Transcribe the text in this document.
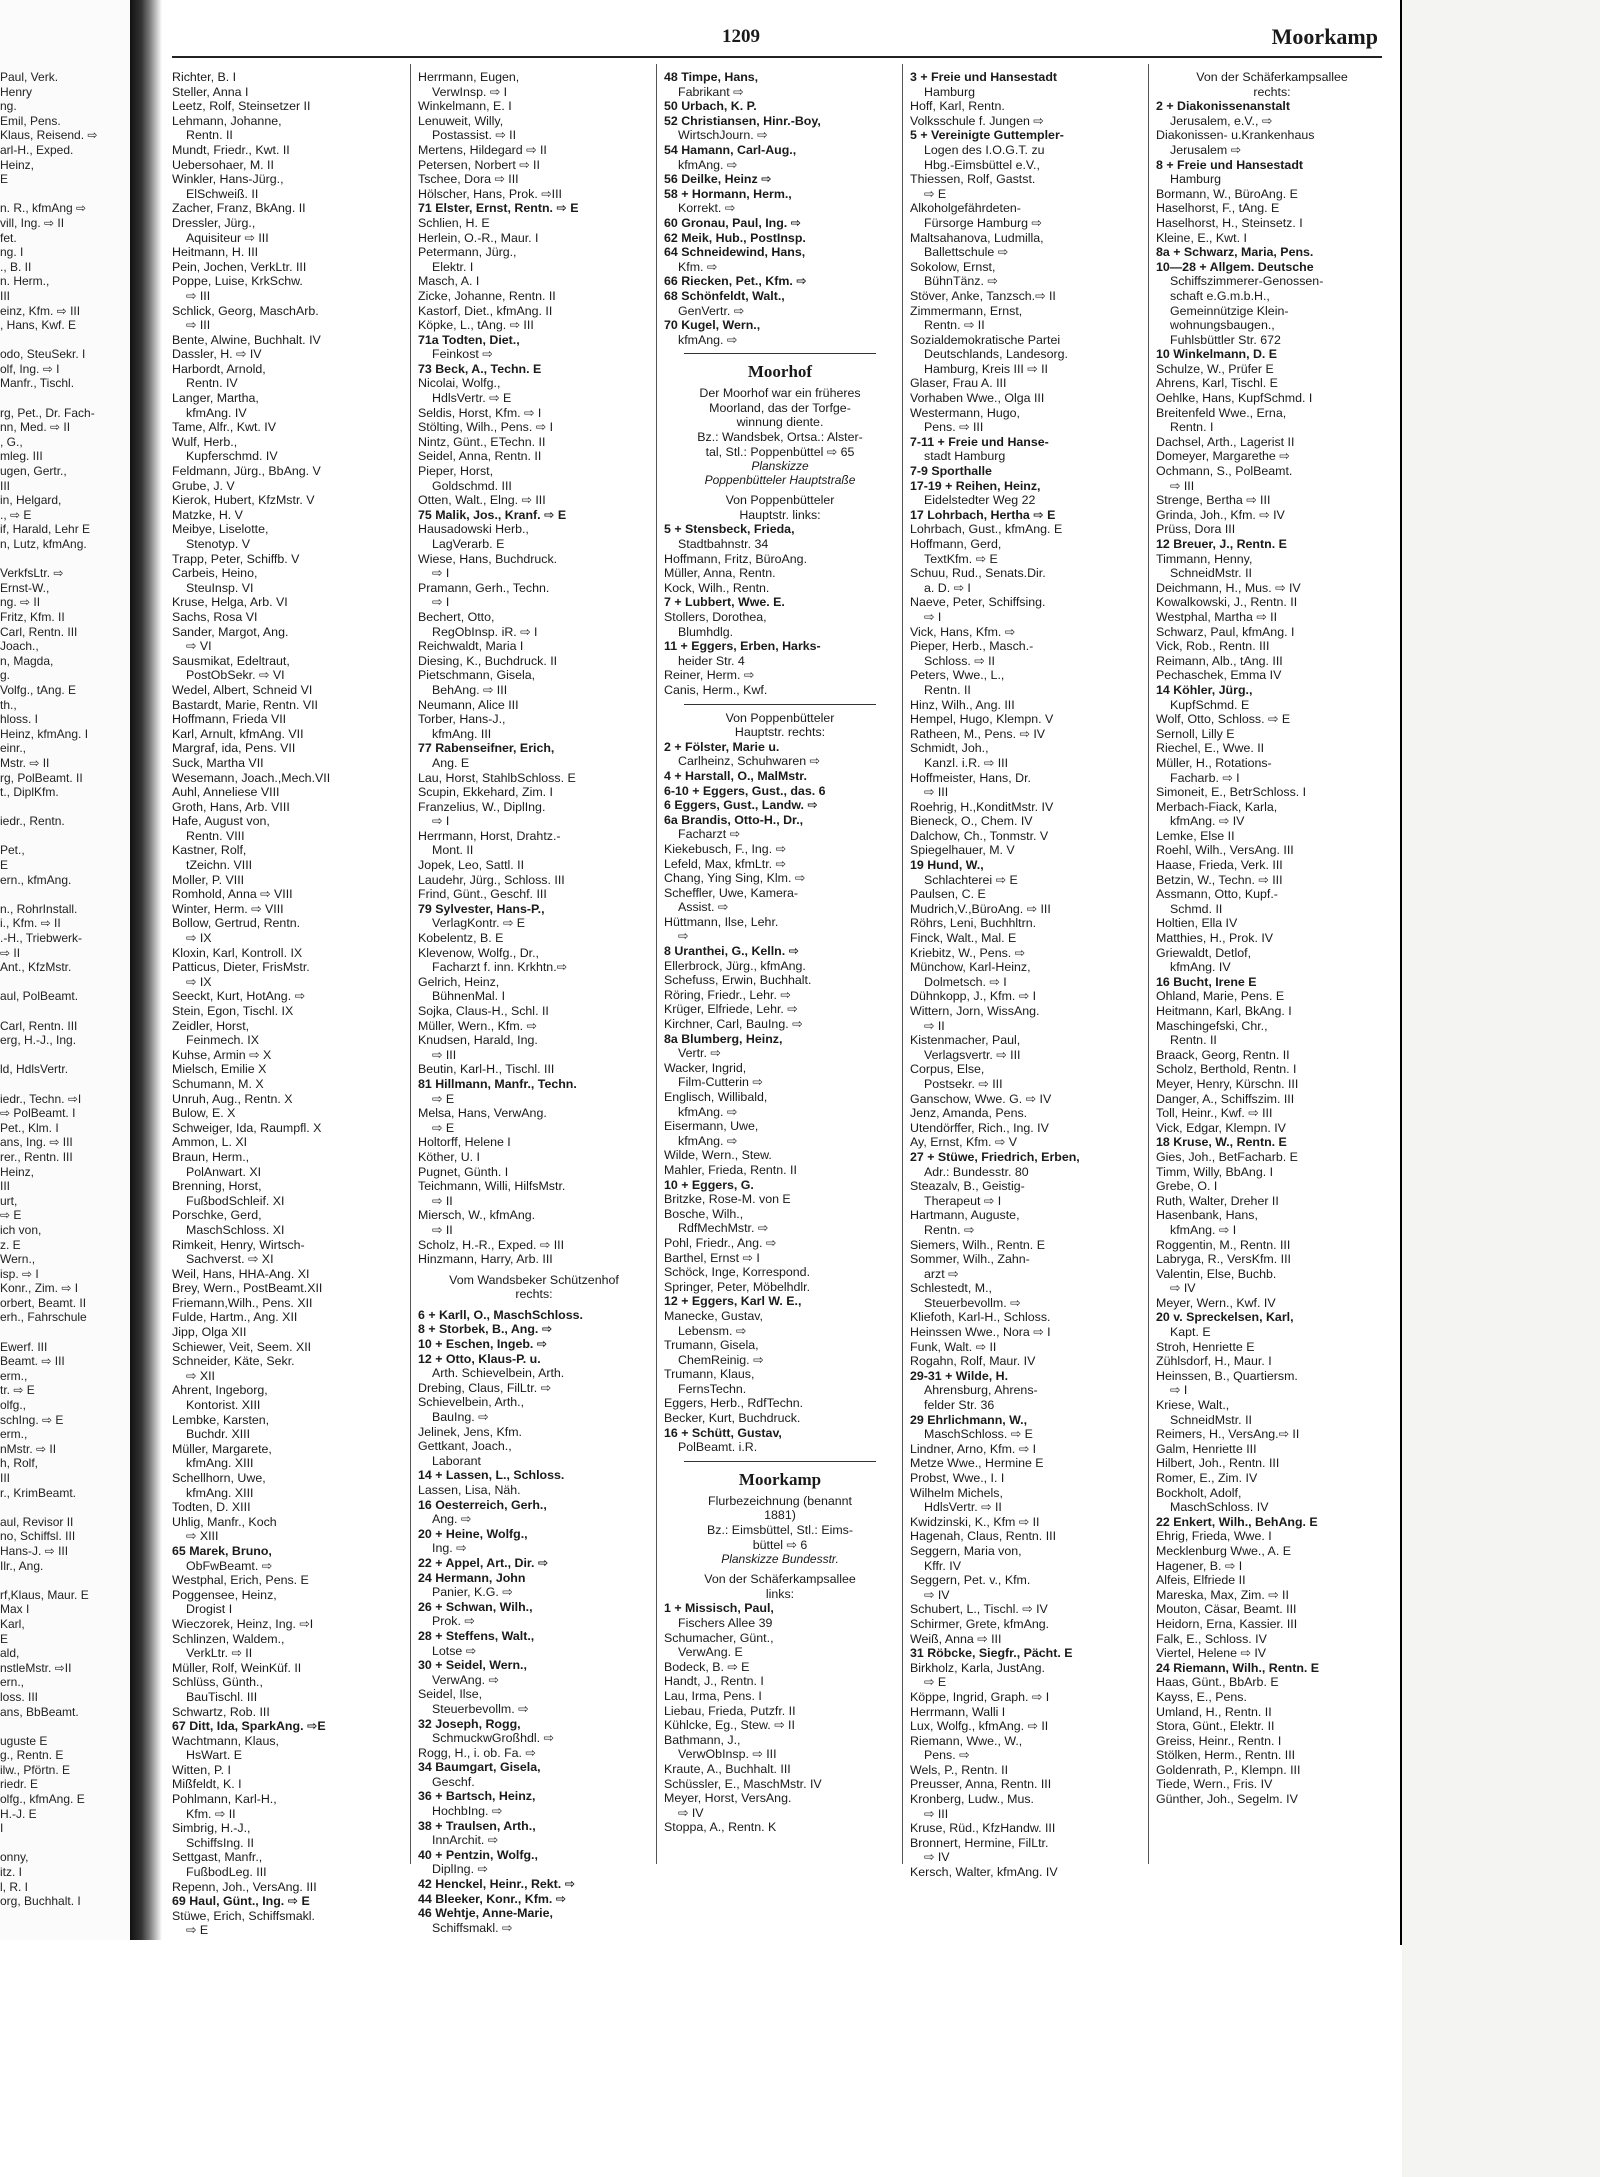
Paul, Verk.
Henry
ng.
Emil, Pens.
Klaus, Reisend. ⇨
arl-H., Exped.
Heinz,
E

n. R., kfmAng ⇨
vill, Ing. ⇨ II
fet.
ng. I
., B. II
n. Herm.,
III
einz, Kfm. ⇨ III
, Hans, Kwf. E

odo, SteuSekr. I
olf, Ing. ⇨ I
Manfr., Tischl.

rg, Pet., Dr. Fach-
nn, Med. ⇨ II
, G.,
mleg. III
ugen, Gertr.,
III
in, Helgard,
., ⇨ E
if, Harald, Lehr E
n, Lutz, kfmAng.

VerkfsLtr. ⇨
Ernst-W.,
ng. ⇨ II
Fritz, Kfm. II
Carl, Rentn. III
Joach.,
n, Magda,
g.
Volfg., tAng. E
th.,
hloss. I
Heinz, kfmAng. I
einr.,
Mstr. ⇨ II
rg, PolBeamt. II
t., DiplKfm.

iedr., Rentn.

Pet.,
E
ern., kfmAng.

n., RohrInstall.
i., Kfm. ⇨ II
.-H., Triebwerk-
⇨ II
Ant., KfzMstr.

aul, PolBeamt.

Carl, Rentn. III
erg, H.-J., Ing.

ld, HdlsVertr.

iedr., Techn. ⇨I
⇨ PolBeamt. I
Pet., Klm. I
ans, Ing. ⇨ III
rer., Rentn. III
Heinz,
III
urt,
⇨ E
ich von,
z. E
Wern.,
isp. ⇨ I
Konr., Zim. ⇨ I
orbert, Beamt. II
erh., Fahrschule

Ewerf. III
Beamt. ⇨ III
erm.,
tr. ⇨ E
olfg.,
schIng. ⇨ E
erm.,
nMstr. ⇨ II
h, Rolf,
III
r., KrimBeamt.

aul, Revisor II
no, Schiffsl. III
Hans-J. ⇨ III
Ilr., Ang.

rf,Klaus, Maur. E
Max I
Karl,
E
ald,
nstleMstr. ⇨II
ern.,
loss. III
ans, BbBeamt.

uguste E
g., Rentn. E
ilw., Pförtn. E
riedr. E
olfg., kfmAng. E
H.-J. E
I

onny,
itz. I
l, R. I
org, Buchhalt. I
1209	Moorkamp
Richter, B. I
Steller, Anna I
Leetz, Rolf, Steinsetzer II
Lehmann, Johanne,
Rentn. II
Mundt, Friedr., Kwt. II
Uebersohaer, M. II
Winkler, Hans-Jürg.,
ElSchweiß. II
Zacher, Franz, BkAng. II
Dressler, Jürg.,
Aquisiteur ⇨ III
Heitmann, H. III
Pein, Jochen, VerkLtr. III
Poppe, Luise, KrkSchw.
⇨ III
Schlick, Georg, MaschArb.
⇨ III
Bente, Alwine, Buchhalt. IV
Dassler, H. ⇨ IV
Harbordt, Arnold,
Rentn. IV
Langer, Martha,
kfmAng. IV
Tame, Alfr., Kwt. IV
Wulf, Herb.,
Kupferschmd. IV
Feldmann, Jürg., BbAng. V
Grube, J. V
Kierok, Hubert, KfzMstr. V
Matzke, H. V
Meibye, Liselotte,
Stenotyp. V
Trapp, Peter, Schiffb. V
Carbeis, Heino,
SteuInsp. VI
Kruse, Helga, Arb. VI
Sachs, Rosa VI
Sander, Margot, Ang.
⇨ VI
Sausmikat, Edeltraut,
PostObSekr. ⇨ VI
Wedel, Albert, Schneid VI
Bastardt, Marie, Rentn. VII
Hoffmann, Frieda VII
Karl, Arnult, kfmAng. VII
Margraf, ida, Pens. VII
Suck, Martha VII
Wesemann, Joach.,Mech.VII
Auhl, Anneliese VIII
Groth, Hans, Arb. VIII
Hafe, August von,
Rentn. VIII
Kastner, Rolf,
tZeichn. VIII
Moller, P. VIII
Romhold, Anna ⇨ VIII
Winter, Herm. ⇨ VIII
Bollow, Gertrud, Rentn.
⇨ IX
Kloxin, Karl, Kontroll. IX
Patticus, Dieter, FrisMstr.
⇨ IX
Seeckt, Kurt, HotAng. ⇨
Stein, Egon, Tischl. IX
Zeidler, Horst,
Feinmech. IX
Kuhse, Armin ⇨ X
Mielsch, Emilie X
Schumann, M. X
Unruh, Aug., Rentn. X
Bulow, E. X
Schweiger, Ida, Raumpfl. X
Ammon, L. XI
Braun, Herm.,
PolAnwart. XI
Brenning, Horst,
FußbodSchleif. XI
Porschke, Gerd,
MaschSchloss. XI
Rimkeit, Henry, Wirtsch-
Sachverst. ⇨ XI
Weil, Hans, HHA-Ang. XI
Brey, Wern., PostBeamt.XII
Friemann,Wilh., Pens. XII
Fulde, Hartm., Ang. XII
Jipp, Olga XII
Schiewer, Veit, Seem. XII
Schneider, Käte, Sekr.
⇨ XII
Ahrent, Ingeborg,
Kontorist. XIII
Lembke, Karsten,
Buchdr. XIII
Müller, Margarete,
kfmAng. XIII
Schellhorn, Uwe,
kfmAng. XIII
Todten, D. XIII
Uhlig, Manfr., Koch
⇨ XIII
65 Marek, Bruno,
ObFwBeamt. ⇨
Westphal, Erich, Pens. E
Poggensee, Heinz,
Drogist I
Wieczorek, Heinz, Ing. ⇨I
Schlinzen, Waldem.,
VerkLtr. ⇨ II
Müller, Rolf, WeinKüf. II
Schlüss, Günth.,
BauTischl. III
Schwartz, Rob. III
67 Ditt, Ida, SparkAng. ⇨E
Wachtmann, Klaus,
HsWart. E
Witten, P. I
Mißfeldt, K. I
Pohlmann, Karl-H.,
Kfm. ⇨ II
Simbrig, H.-J.,
SchiffsIng. II
Settgast, Manfr.,
FußbodLeg. III
Repenn, Joh., VersAng. III
69 Haul, Günt., Ing. ⇨ E
Stüwe, Erich, Schiffsmakl.
⇨ E
Herrmann, Eugen,
VerwInsp. ⇨ I
Winkelmann, E. I
Lenuweit, Willy,
Postassist. ⇨ II
Mertens, Hildegard ⇨ II
Petersen, Norbert ⇨ II
Tschee, Dora ⇨ III
Hölscher, Hans, Prok. ⇨III
71 Elster, Ernst, Rentn. ⇨ E
Schlien, H. E
Herlein, O.-R., Maur. I
Petermann, Jürg.,
Elektr. I
Masch, A. I
Zicke, Johanne, Rentn. II
Kastorf, Diet., kfmAng. II
Köpke, L., tAng. ⇨ III
71a Todten, Diet.,
Feinkost ⇨
73 Beck, A., Techn. E
Nicolai, Wolfg.,
HdlsVertr. ⇨ E
Seldis, Horst, Kfm. ⇨ I
Stölting, Wilh., Pens. ⇨ I
Nintz, Günt., ETechn. II
Seidel, Anna, Rentn. II
Pieper, Horst,
Goldschmd. III
Otten, Walt., Elng. ⇨ III
75 Malik, Jos., Kranf. ⇨ E
Hausadowski Herb.,
LagVerarb. E
Wiese, Hans, Buchdruck.
⇨ I
Pramann, Gerh., Techn.
⇨ I
Bechert, Otto,
RegObInsp. iR. ⇨ I
Reichwaldt, Maria I
Diesing, K., Buchdruck. II
Pietschmann, Gisela,
BehAng. ⇨ III
Neumann, Alice III
Torber, Hans-J.,
kfmAng. III
77 Rabenseifner, Erich,
Ang. E
Lau, Horst, StahlbSchloss. E
Scupin, Ekkehard, Zim. I
Franzelius, W., DiplIng.
⇨ I
Herrmann, Horst, Drahtz.-
Mont. II
Jopek, Leo, Sattl. II
Laudehr, Jürg., Schloss. III
Frind, Günt., Geschf. III
79 Sylvester, Hans-P.,
VerlagKontr. ⇨ E
Kobelentz, B. E
Klevenow, Wolfg., Dr.,
Facharzt f. inn. Krkhtn.⇨
Gelrich, Heinz,
BühnenMal. I
Sojka, Claus-H., Schl. II
Müller, Wern., Kfm. ⇨
Knudsen, Harald, Ing.
⇨ III
Beutin, Karl-H., Tischl. III
81 Hillmann, Manfr., Techn.
⇨ E
Melsa, Hans, VerwAng.
⇨ E
Holtorff, Helene I
Köther, U. I
Pugnet, Günth. I
Teichmann, Willi, HilfsMstr.
⇨ II
Miersch, W., kfmAng.
⇨ II
Scholz, H.-R., Exped. ⇨ III
Hinzmann, Harry, Arb. III
Vom Wandsbeker Schützenhof
rechts:
6 + Karll, O., MaschSchloss.
8 + Storbek, B., Ang. ⇨
10 + Eschen, Ingeb. ⇨
12 + Otto, Klaus-P. u.
Arth. Schievelbein, Arth.
Drebing, Claus, FilLtr. ⇨
Schievelbein, Arth.,
BauIng. ⇨
Jelinek, Jens, Kfm.
Gettkant, Joach.,
Laborant
14 + Lassen, L., Schloss.
Lassen, Lisa, Näh.
16 Oesterreich, Gerh.,
Ang. ⇨
20 + Heine, Wolfg.,
Ing. ⇨
22 + Appel, Art., Dir. ⇨
24 Hermann, John
Panier, K.G. ⇨
26 + Schwan, Wilh.,
Prok. ⇨
28 + Steffens, Walt.,
Lotse ⇨
30 + Seidel, Wern.,
VerwAng. ⇨
Seidel, Ilse,
Steuerbevollm. ⇨
32 Joseph, Rogg,
SchmuckwGroßhdl. ⇨
Rogg, H., i. ob. Fa. ⇨
34 Baumgart, Gisela,
Geschf.
36 + Bartsch, Heinz,
HochbIng. ⇨
38 + Traulsen, Arth.,
InnArchit. ⇨
40 + Pentzin, Wolfg.,
DiplIng. ⇨
42 Henckel, Heinr., Rekt. ⇨
44 Bleeker, Konr., Kfm. ⇨
46 Wehtje, Anne-Marie,
Schiffsmakl. ⇨
48 Timpe, Hans,
Fabrikant ⇨
50 Urbach, K. P.
52 Christiansen, Hinr.-Boy,
WirtschJourn. ⇨
54 Hamann, Carl-Aug.,
kfmAng. ⇨
56 Deilke, Heinz ⇨
58 + Hormann, Herm.,
Korrekt. ⇨
60 Gronau, Paul, Ing. ⇨
62 Meik, Hub., PostInsp.
64 Schneidewind, Hans,
Kfm. ⇨
66 Riecken, Pet., Kfm. ⇨
68 Schönfeldt, Walt.,
GenVertr. ⇨
70 Kugel, Wern.,
kfmAng. ⇨
Moorhof
Der Moorhof war ein früheres
Moorland, das der Torfge-
winnung diente.
Bz.: Wandsbek, Ortsa.: Alster-
tal, Stl.: Poppenbüttel ⇨ 65
Planskizze
Poppenbütteler Hauptstraße
Von Poppenbütteler
Hauptstr. links:
5 + Stensbeck, Frieda,
Stadtbahnstr. 34
Hoffmann, Fritz, BüroAng.
Müller, Anna, Rentn.
Kock, Wilh., Rentn.
7 + Lubbert, Wwe. E.
Stollers, Dorothea,
Blumhdlg.
11 + Eggers, Erben, Harks-
heider Str. 4
Reiner, Herm. ⇨
Canis, Herm., Kwf.
Von Poppenbütteler
Hauptstr. rechts:
2 + Fölster, Marie u.
Carlheinz, Schuhwaren ⇨
4 + Harstall, O., MalMstr.
6-10 + Eggers, Gust., das. 6
6 Eggers, Gust., Landw. ⇨
6a Brandis, Otto-H., Dr.,
Facharzt ⇨
Kiekebusch, F., Ing. ⇨
Lefeld, Max, kfmLtr. ⇨
Chang, Ying Sing, Klm. ⇨
Scheffler, Uwe, Kamera-
Assist. ⇨
Hüttmann, Ilse, Lehr.
⇨
8 Uranthei, G., Kelln. ⇨
Ellerbrock, Jürg., kfmAng.
Schefuss, Erwin, Buchhalt.
Röring, Friedr., Lehr. ⇨
Krüger, Elfriede, Lehr. ⇨
Kirchner, Carl, BauIng. ⇨
8a Blumberg, Heinz,
Vertr. ⇨
Wacker, Ingrid,
Film-Cutterin ⇨
Englisch, Willibald,
kfmAng. ⇨
Eisermann, Uwe,
kfmAng. ⇨
Wilde, Wern., Stew.
Mahler, Frieda, Rentn. II
10 + Eggers, G.
Britzke, Rose-M. von E
Bosche, Wilh.,
RdfMechMstr. ⇨
Pohl, Friedr., Ang. ⇨
Barthel, Ernst ⇨ I
Schöck, Inge, Korrespond.
Springer, Peter, Möbelhdlr.
12 + Eggers, Karl W. E.,
Manecke, Gustav,
Lebensm. ⇨
Trumann, Gisela,
ChemReinig. ⇨
Trumann, Klaus,
FernsTechn.
Eggers, Herb., RdfTechn.
Becker, Kurt, Buchdruck.
16 + Schütt, Gustav,
PolBeamt. i.R.
Moorkamp
Flurbezeichnung (benannt
1881)
Bz.: Eimsbüttel, Stl.: Eims-
büttel ⇨ 6
Planskizze Bundesstr.
Von der Schäferkampsallee
links:
1 + Missisch, Paul,
Fischers Allee 39
Schumacher, Günt.,
VerwAng. E
Bodeck, B. ⇨ E
Handt, J., Rentn. I
Lau, Irma, Pens. I
Liebau, Frieda, Putzfr. II
Kühlcke, Eg., Stew. ⇨ II
Bathmann, J.,
VerwObInsp. ⇨ III
Kraute, A., Buchhalt. III
Schüssler, E., MaschMstr. IV
Meyer, Horst, VersAng.
⇨ IV
Stoppa, A., Rentn. K
3 + Freie und Hansestadt
Hamburg
Hoff, Karl, Rentn.
Volksschule f. Jungen ⇨
5 + Vereinigte Guttempler-
Logen des I.O.G.T. zu
Hbg.-Eimsbüttel e.V.,
Thiessen, Rolf, Gastst.
⇨ E
Alkoholgefährdeten-
Fürsorge Hamburg ⇨
Maltsahanova, Ludmilla,
Ballettschule ⇨
Sokolow, Ernst,
BühnTänz. ⇨
Stöver, Anke, Tanzsch.⇨ II
Zimmermann, Ernst,
Rentn. ⇨ II
Sozialdemokratische Partei
Deutschlands, Landesorg.
Hamburg, Kreis III ⇨ II
Glaser, Frau A. III
Vorhaben Wwe., Olga III
Westermann, Hugo,
Pens. ⇨ III
7-11 + Freie und Hanse-
stadt Hamburg
7-9 Sporthalle
17-19 + Reihen, Heinz,
Eidelstedter Weg 22
17 Lohrbach, Hertha ⇨ E
Lohrbach, Gust., kfmAng. E
Hoffmann, Gerd,
TextKfm. ⇨ E
Schuu, Rud., Senats.Dir.
a. D. ⇨ I
Naeve, Peter, Schiffsing.
⇨ I
Vick, Hans, Kfm. ⇨
Pieper, Herb., Masch.-
Schloss. ⇨ II
Peters, Wwe., L.,
Rentn. II
Hinz, Wilh., Ang. III
Hempel, Hugo, Klempn. V
Ratheen, M., Pens. ⇨ IV
Schmidt, Joh.,
Kanzl. i.R. ⇨ III
Hoffmeister, Hans, Dr.
⇨ III
Roehrig, H.,KonditMstr. IV
Bieneck, O., Chem. IV
Dalchow, Ch., Tonmstr. V
Spiegelhauer, M. V
19 Hund, W.,
Schlachterei ⇨ E
Paulsen, C. E
Mudrich,V.,BüroAng. ⇨ III
Röhrs, Leni, Buchhltrn.
Finck, Walt., Mal. E
Kriebitz, W., Pens. ⇨
Münchow, Karl-Heinz,
Dolmetsch. ⇨ I
Dühnkopp, J., Kfm. ⇨ I
Wittern, Jorn, WissAng.
⇨ II
Kistenmacher, Paul,
Verlagsvertr. ⇨ III
Corpus, Else,
Postsekr. ⇨ III
Ganschow, Wwe. G. ⇨ IV
Jenz, Amanda, Pens.
Utendörffer, Rich., Ing. IV
Ay, Ernst, Kfm. ⇨ V
27 + Stüwe, Friedrich, Erben,
Adr.: Bundesstr. 80
Steazalv, B., Geistig-
Therapeut ⇨ I
Hartmann, Auguste,
Rentn. ⇨
Siemers, Wilh., Rentn. E
Sommer, Wilh., Zahn-
arzt ⇨
Schlestedt, M.,
Steuerbevollm. ⇨
Kliefoth, Karl-H., Schloss.
Heinssen Wwe., Nora ⇨ I
Funk, Walt. ⇨ II
Rogahn, Rolf, Maur. IV
29-31 + Wilde, H.
Ahrensburg, Ahrens-
felder Str. 36
29 Ehrlichmann, W.,
MaschSchloss. ⇨ E
Lindner, Arno, Kfm. ⇨ I
Metze Wwe., Hermine E
Probst, Wwe., I. I
Wilhelm Michels,
HdlsVertr. ⇨ II
Kwidzinski, K., Kfm ⇨ II
Hagenah, Claus, Rentn. III
Seggern, Maria von,
Kffr. IV
Seggern, Pet. v., Kfm.
⇨ IV
Schubert, L., Tischl. ⇨ IV
Schirmer, Grete, kfmAng.
Weiß, Anna ⇨ III
31 Röbcke, Siegfr., Pächt. E
Birkholz, Karla, JustAng.
⇨ E
Köppe, Ingrid, Graph. ⇨ I
Herrmann, Walli I
Lux, Wolfg., kfmAng. ⇨ II
Riemann, Wwe., W.,
Pens. ⇨
Wels, P., Rentn. II
Preusser, Anna, Rentn. III
Kronberg, Ludw., Mus.
⇨ III
Kruse, Rüd., KfzHandw. III
Bronnert, Hermine, FilLtr.
⇨ IV
Kersch, Walter, kfmAng. IV
Von der Schäferkampsallee
rechts:
2 + Diakonissenanstalt
Jerusalem, e.V., ⇨
Diakonissen- u.Krankenhaus
Jerusalem ⇨
8 + Freie und Hansestadt
Hamburg
Bormann, W., BüroAng. E
Haselhorst, F., tAng. E
Haselhorst, H., Steinsetz. I
Kleine, E., Kwt. I
8a + Schwarz, Maria, Pens.
10—28 + Allgem. Deutsche
Schiffszimmerer-Genossen-
schaft e.G.m.b.H.,
Gemeinnützige Klein-
wohnungsbaugen.,
Fuhlsbüttler Str. 672
10 Winkelmann, D. E
Schulze, W., Prüfer E
Ahrens, Karl, Tischl. E
Oehlke, Hans, KupfSchmd. I
Breitenfeld Wwe., Erna,
Rentn. I
Dachsel, Arth., Lagerist II
Domeyer, Margarethe ⇨
Ochmann, S., PolBeamt.
⇨ III
Strenge, Bertha ⇨ III
Grinda, Joh., Kfm. ⇨ IV
Prüss, Dora III
12 Breuer, J., Rentn. E
Timmann, Henny,
SchneidMstr. II
Deichmann, H., Mus. ⇨ IV
Kowalkowski, J., Rentn. II
Westphal, Martha ⇨ II
Schwarz, Paul, kfmAng. I
Vick, Rob., Rentn. III
Reimann, Alb., tAng. III
Pechaschek, Emma IV
14 Köhler, Jürg.,
KupfSchmd. E
Wolf, Otto, Schloss. ⇨ E
Sernoll, Lilly E
Riechel, E., Wwe. II
Müller, H., Rotations-
Facharb. ⇨ I
Simoneit, E., BetrSchloss. I
Merbach-Fiack, Karla,
kfmAng. ⇨ IV
Lemke, Else II
Roehl, Wilh., VersAng. III
Haase, Frieda, Verk. III
Betzin, W., Techn. ⇨ III
Assmann, Otto, Kupf.-
Schmd. II
Holtien, Ella IV
Matthies, H., Prok. IV
Griewaldt, Detlof,
kfmAng. IV
16 Bucht, Irene E
Ohland, Marie, Pens. E
Heitmann, Karl, BkAng. I
Maschingefski, Chr.,
Rentn. II
Braack, Georg, Rentn. II
Scholz, Berthold, Rentn. I
Meyer, Henry, Kürschn. III
Danger, A., Schiffszim. III
Toll, Heinr., Kwf. ⇨ III
Vick, Edgar, Klempn. IV
18 Kruse, W., Rentn. E
Gies, Joh., BetFacharb. E
Timm, Willy, BbAng. I
Grebe, O. I
Ruth, Walter, Dreher II
Hasenbank, Hans,
kfmAng. ⇨ I
Roggentin, M., Rentn. III
Labryga, R., VersKfm. III
Valentin, Else, Buchb.
⇨ IV
Meyer, Wern., Kwf. IV
20 v. Spreckelsen, Karl,
Kapt. E
Stroh, Henriette E
Zühlsdorf, H., Maur. I
Heinssen, B., Quartiersm.
⇨ I
Kriese, Walt.,
SchneidMstr. II
Reimers, H., VersAng.⇨ II
Galm, Henriette III
Hilbert, Joh., Rentn. III
Romer, E., Zim. IV
Bockholt, Adolf,
MaschSchloss. IV
22 Enkert, Wilh., BehAng. E
Ehrig, Frieda, Wwe. I
Mecklenburg Wwe., A. E
Hagener, B. ⇨ I
Alfeis, Elfriede II
Mareska, Max, Zim. ⇨ II
Mouton, Cäsar, Beamt. III
Heidorn, Erna, Kassier. III
Falk, E., Schloss. IV
Viertel, Helene ⇨ IV
24 Riemann, Wilh., Rentn. E
Haas, Günt., BbArb. E
Kayss, E., Pens.
Umland, H., Rentn. II
Stora, Günt., Elektr. II
Greiss, Heinr., Rentn. I
Stölken, Herm., Rentn. III
Goldenrath, P., Klempn. III
Tiede, Wern., Fris. IV
Günther, Joh., Segelm. IV
